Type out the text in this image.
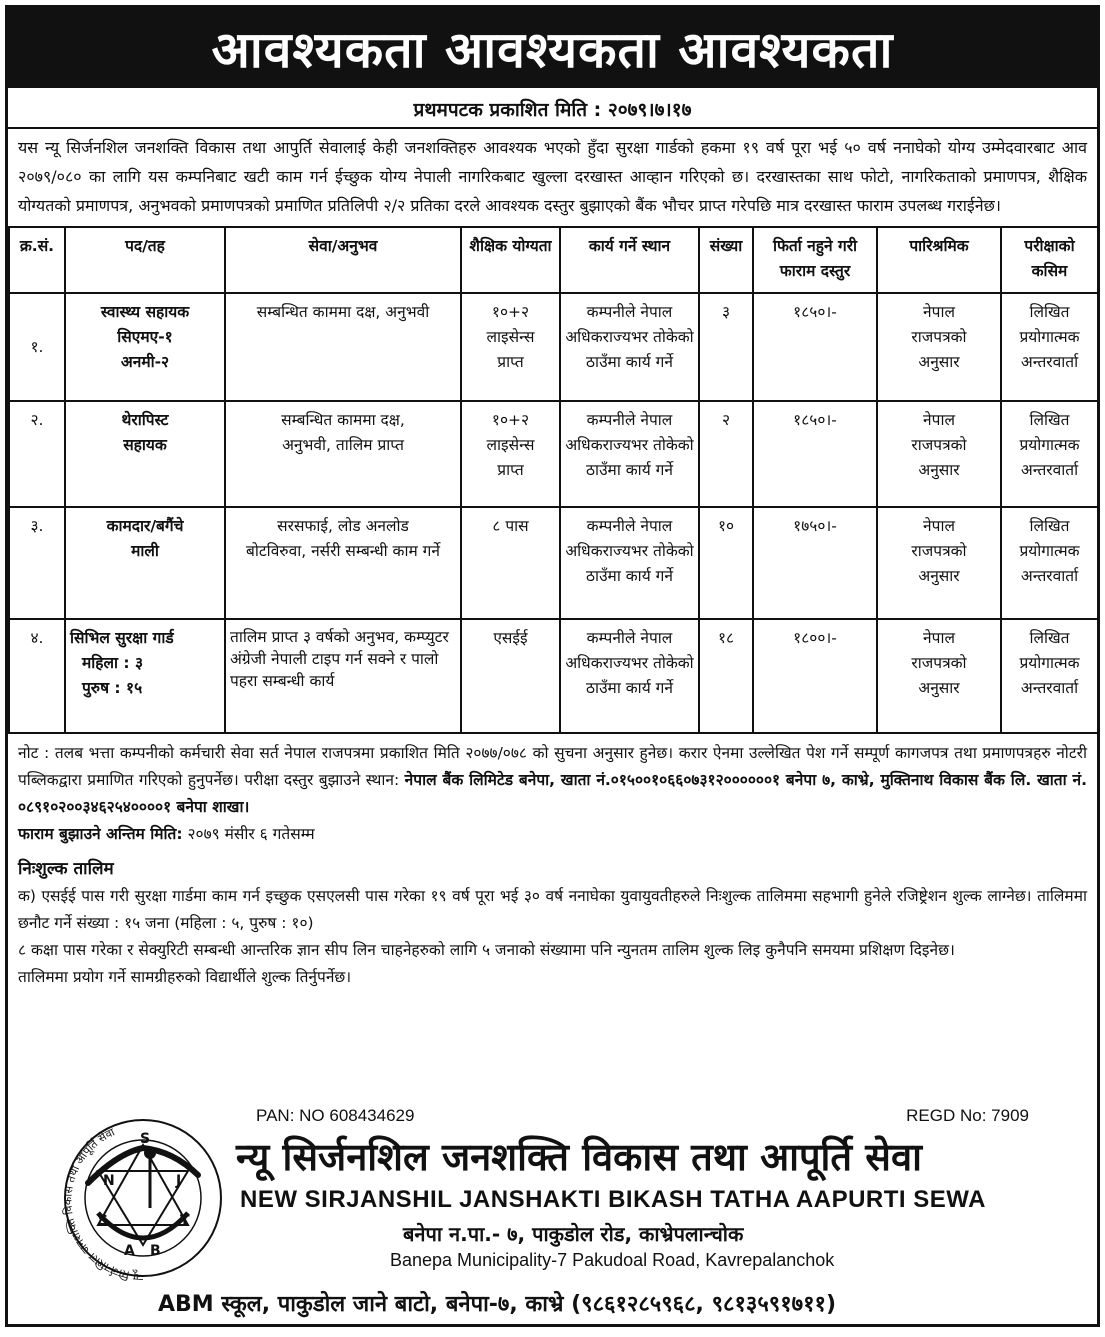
आवश्यकता आवश्यकता आवश्यकता
प्रथमपटक प्रकाशित मिति : २०७९।७।१७
यस न्यू सिर्जनशिल जनशक्ति विकास तथा आपुर्ति सेवालाई केही जनशक्तिहरु आवश्यक भएको हुँदा सुरक्षा गार्डको हकमा १९ वर्ष पूरा भई ५० वर्ष ननाघेको योग्य उम्मेदवारबाट आव २०७९/०८० का लागि यस कम्पनिबाट खटी काम गर्न ईच्छुक योग्य नेपाली नागरिकबाट खुल्ला दरखास्त आव्हान गरिएको छ। दरखास्तका साथ फोटो, नागरिकताको प्रमाणपत्र, शैक्षिक योग्यतको प्रमाणपत्र, अनुभवको प्रमाणपत्रको प्रमाणित प्रतिलिपी २/२ प्रतिका दरले आवश्यक दस्तुर बुझाएको बैंक भौचर प्राप्त गरेपछि मात्र दरखास्त फाराम उपलब्ध गराईनेछ।
क्र.सं.	पद/तह	सेवा/अनुभव	शैक्षिक योग्यता	कार्य गर्ने स्थान	संख्या	फिर्ता नहुने गरी फाराम दस्तुर	पारिश्रमिक	परीक्षाको कसिम
१.	स्वास्थ्य सहायक
सिएमए-१
अनमी-२	सम्बन्धित काममा दक्ष, अनुभवी	१०+२ लाइसेन्स प्राप्त	कम्पनीले नेपाल अधिकराज्यभर तोकेको ठाउँमा कार्य गर्ने	३	१८५०।-	नेपाल राजपत्रको अनुसार	लिखित प्रयोगात्मक अन्तरवार्ता
२.	थेरापिस्ट
सहायक	सम्बन्धित काममा दक्ष, अनुभवी, तालिम प्राप्त	१०+२ लाइसेन्स प्राप्त	कम्पनीले नेपाल अधिकराज्यभर तोकेको ठाउँमा कार्य गर्ने	२	१८५०।-	नेपाल राजपत्रको अनुसार	लिखित प्रयोगात्मक अन्तरवार्ता
३.	कामदार/बगैंचे
माली	सरसफाई, लोड अनलोड बोटविरुवा, नर्सरी सम्बन्धी काम गर्ने	८ पास	कम्पनीले नेपाल अधिकराज्यभर तोकेको ठाउँमा कार्य गर्ने	१०	१७५०।-	नेपाल राजपत्रको अनुसार	लिखित प्रयोगात्मक अन्तरवार्ता
४.	सिभिल सुरक्षा गार्ड
महिला : ३
पुरुष : १५	तालिम प्राप्त ३ वर्षको अनुभव, कम्प्युटर अंग्रेजी नेपाली टाइप गर्न सक्ने र पालो पहरा सम्बन्धी कार्य	एसईई	कम्पनीले नेपाल अधिकराज्यभर तोकेको ठाउँमा कार्य गर्ने	१८	१८००।-	नेपाल राजपत्रको अनुसार	लिखित प्रयोगात्मक अन्तरवार्ता
नोट : तलब भत्ता कम्पनीको कर्मचारी सेवा सर्त नेपाल राजपत्रमा प्रकाशित मिति २०७७/०७८ को सुचना अनुसार हुनेछ। करार ऐनमा उल्लेखित पेश गर्ने सम्पूर्ण कागजपत्र तथा प्रमाणपत्रहरु नोटरी पब्लिकद्वारा प्रमाणित गरिएको हुनुपर्नेछ। परीक्षा दस्तुर बुझाउने स्थान: नेपाल बैंक लिमिटेड बनेपा, खाता नं.०१५००१०६६०७३१२००००००१ बनेपा ७, काभ्रे, मुक्तिनाथ विकास बैंक लि. खाता नं. ०८९१०२००३४६२५४००००१ बनेपा शाखा।
फाराम बुझाउने अन्तिम मिति: २०७९ मंसीर ६ गतेसम्म
निःशुल्क तालिम
क) एसईई पास गरी सुरक्षा गार्डमा काम गर्न इच्छुक एसएलसी पास गरेका १९ वर्ष पूरा भई ३० वर्ष ननाघेका युवायुवतीहरुले निःशुल्क तालिममा सहभागी हुनेले रजिष्ट्रेशन शुल्क लाग्नेछ। तालिममा छनौट गर्ने संख्या : १५ जना (महिला : ५, पुरुष : १०)
८ कक्षा पास गरेका र सेक्युरिटी सम्बन्धी आन्तरिक ज्ञान सीप लिन चाहनेहरुको लागि ५ जनाको संख्यामा पनि न्युनतम तालिम शुल्क लिइ कुनैपनि समयमा प्रशिक्षण दिइनेछ।
तालिममा प्रयोग गर्ने सामग्रीहरुको विद्यार्थीले शुल्क तिर्नुपर्नेछ।
न्यू सिर्जनशिल जनशक्ति विकास तथा आपूर्ति सेवा	S N	J S	T A B
PAN: NO 608434629	REGD No: 7909
न्यू सिर्जनशिल जनशक्ति विकास तथा आपूर्ति सेवा
NEW SIRJANSHIL JANSHAKTI BIKASH TATHA AAPURTI SEWA
बनेपा न.पा.- ७, पाकुडोल रोड, काभ्रेपलान्चोक
Banepa Municipality-7 Pakudoal Road, Kavrepalanchok
ABM स्कूल, पाकुडोल जाने बाटो, बनेपा-७, काभ्रे (९८६१२८५९६८, ९८१३५९१७११)
